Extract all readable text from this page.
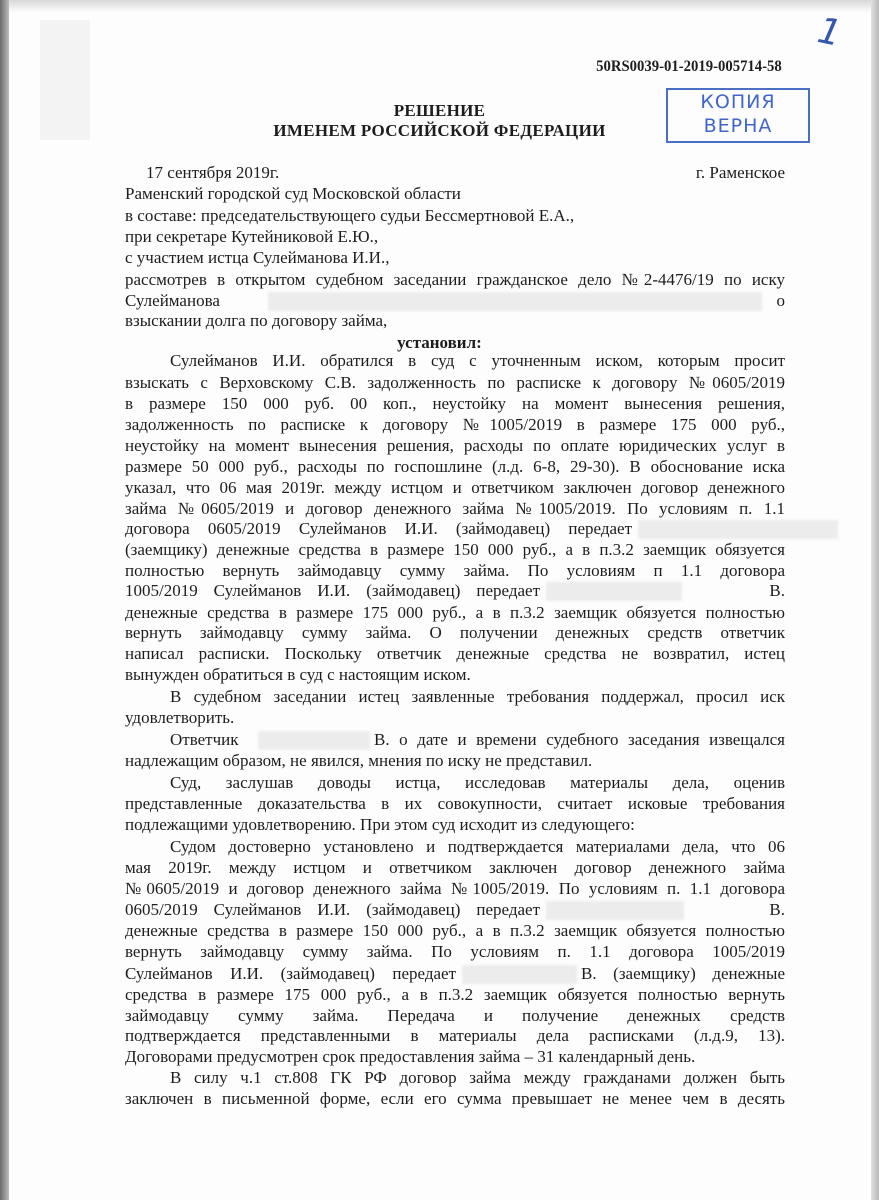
1
50RS0039-01-2019-005714-58
КОПИЯ
ВЕРНА
РЕШЕНИЕ
ИМЕНЕМ РОССИЙСКОЙ ФЕДЕРАЦИИ
17 сентября 2019г.	г. Раменское
установил:
Раменский городской суд Московской области
в составе: председательствующего судьи Бессмертновой Е.А.,
при секретаре Кутейниковой Е.Ю.,
с участием истца Сулейманова И.И.,
рассмотрев в открытом судебном заседании гражданское дело №2-4476/19 по иску
Сулейманова	о
взыскании долга по договору займа,
Сулейманов И.И. обратился в суд с уточненным иском, которым просит
взыскать с Верховскому С.В. задолженность по расписке к договору №0605/2019
в размере 150 000 руб. 00 коп., неустойку на момент вынесения решения,
задолженность по расписке к договору №1005/2019 в размере 175 000 руб.,
неустойку на момент вынесения решения, расходы по оплате юридических услуг в
размере 50 000 руб., расходы по госпошлине (л.д. 6-8, 29-30). В обоснование иска
указал, что 06 мая 2019г. между истцом и ответчиком заключен договор денежного
займа №0605/2019 и договор денежного займа №1005/2019. По условиям п. 1.1
договора 0605/2019 Сулейманов И.И. (займодавец) передает
(заемщику) денежные средства в размере 150 000 руб., а в п.3.2 заемщик обязуется
полностью вернуть займодавцу сумму займа. По условиям п 1.1 договора
1005/2019 Сулейманов И.И. (займодавец) передает	В.
денежные средства в размере 175 000 руб., а в п.3.2 заемщик обязуется полностью
вернуть займодавцу сумму займа. О получении денежных средств ответчик
написал расписки. Поскольку ответчик денежные средства не возвратил, истец
вынужден обратиться в суд с настоящим иском.
В судебном заседании истец заявленные требования поддержал, просил иск
удовлетворить.
Ответчик	В. о дате и времени судебного заседания извещался
надлежащим образом, не явился, мнения по иску не представил.
Суд, заслушав доводы истца, исследовав материалы дела, оценив
представленные доказательства в их совокупности, считает исковые требования
подлежащими удовлетворению. При этом суд исходит из следующего:
Судом достоверно установлено и подтверждается материалами дела, что 06
мая 2019г. между истцом и ответчиком заключен договор денежного займа
№0605/2019 и договор денежного займа №1005/2019. По условиям п. 1.1 договора
0605/2019 Сулейманов И.И. (займодавец) передает	В.
денежные средства в размере 150 000 руб., а в п.3.2 заемщик обязуется полностью
вернуть займодавцу сумму займа. По условиям п. 1.1 договора 1005/2019
Сулейманов И.И. (займодавец) передает	В. (заемщику) денежные
средства в размере 175 000 руб., а в п.3.2 заемщик обязуется полностью вернуть
займодавцу сумму займа. Передача и получение денежных средств
подтверждается представленными в материалы дела расписками (л.д.9, 13).
Договорами предусмотрен срок предоставления займа – 31 календарный день.
В силу ч.1 ст.808 ГК РФ договор займа между гражданами должен быть
заключен в письменной форме, если его сумма превышает не менее чем в десять
